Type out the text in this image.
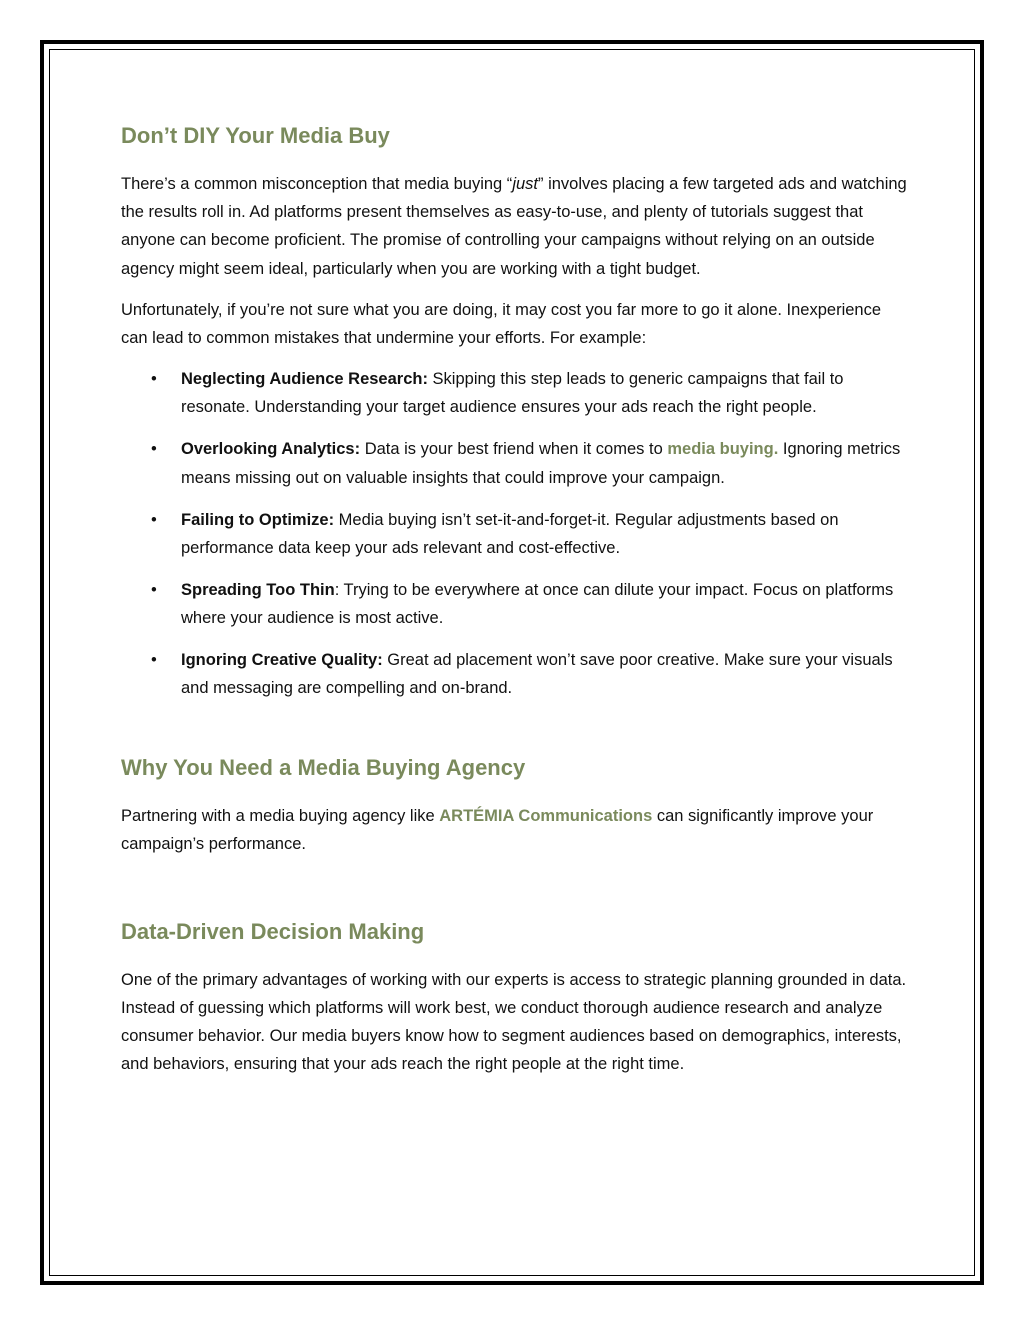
Don’t DIY Your Media Buy

There’s a common misconception that media buying “just” involves placing a few targeted ads and watching the results roll in. Ad platforms present themselves as easy-to-use, and plenty of tutorials suggest that anyone can become proficient. The promise of controlling your campaigns without relying on an outside agency might seem ideal, particularly when you are working with a tight budget.

Unfortunately, if you’re not sure what you are doing, it may cost you far more to go it alone. Inexperience can lead to common mistakes that undermine your efforts. For example:

• Neglecting Audience Research: Skipping this step leads to generic campaigns that fail to resonate. Understanding your target audience ensures your ads reach the right people.
• Overlooking Analytics: Data is your best friend when it comes to media buying. Ignoring metrics means missing out on valuable insights that could improve your campaign.
• Failing to Optimize: Media buying isn’t set-it-and-forget-it. Regular adjustments based on performance data keep your ads relevant and cost-effective.
• Spreading Too Thin: Trying to be everywhere at once can dilute your impact. Focus on platforms where your audience is most active.
• Ignoring Creative Quality: Great ad placement won’t save poor creative. Make sure your visuals and messaging are compelling and on-brand.
Why You Need a Media Buying Agency

Partnering with a media buying agency like ARTÉMIA Communications can significantly improve your campaign’s performance.

Data-Driven Decision Making

One of the primary advantages of working with our experts is access to strategic planning grounded in data. Instead of guessing which platforms will work best, we conduct thorough audience research and analyze consumer behavior. Our media buyers know how to segment audiences based on demographics, interests, and behaviors, ensuring that your ads reach the right people at the right time.
